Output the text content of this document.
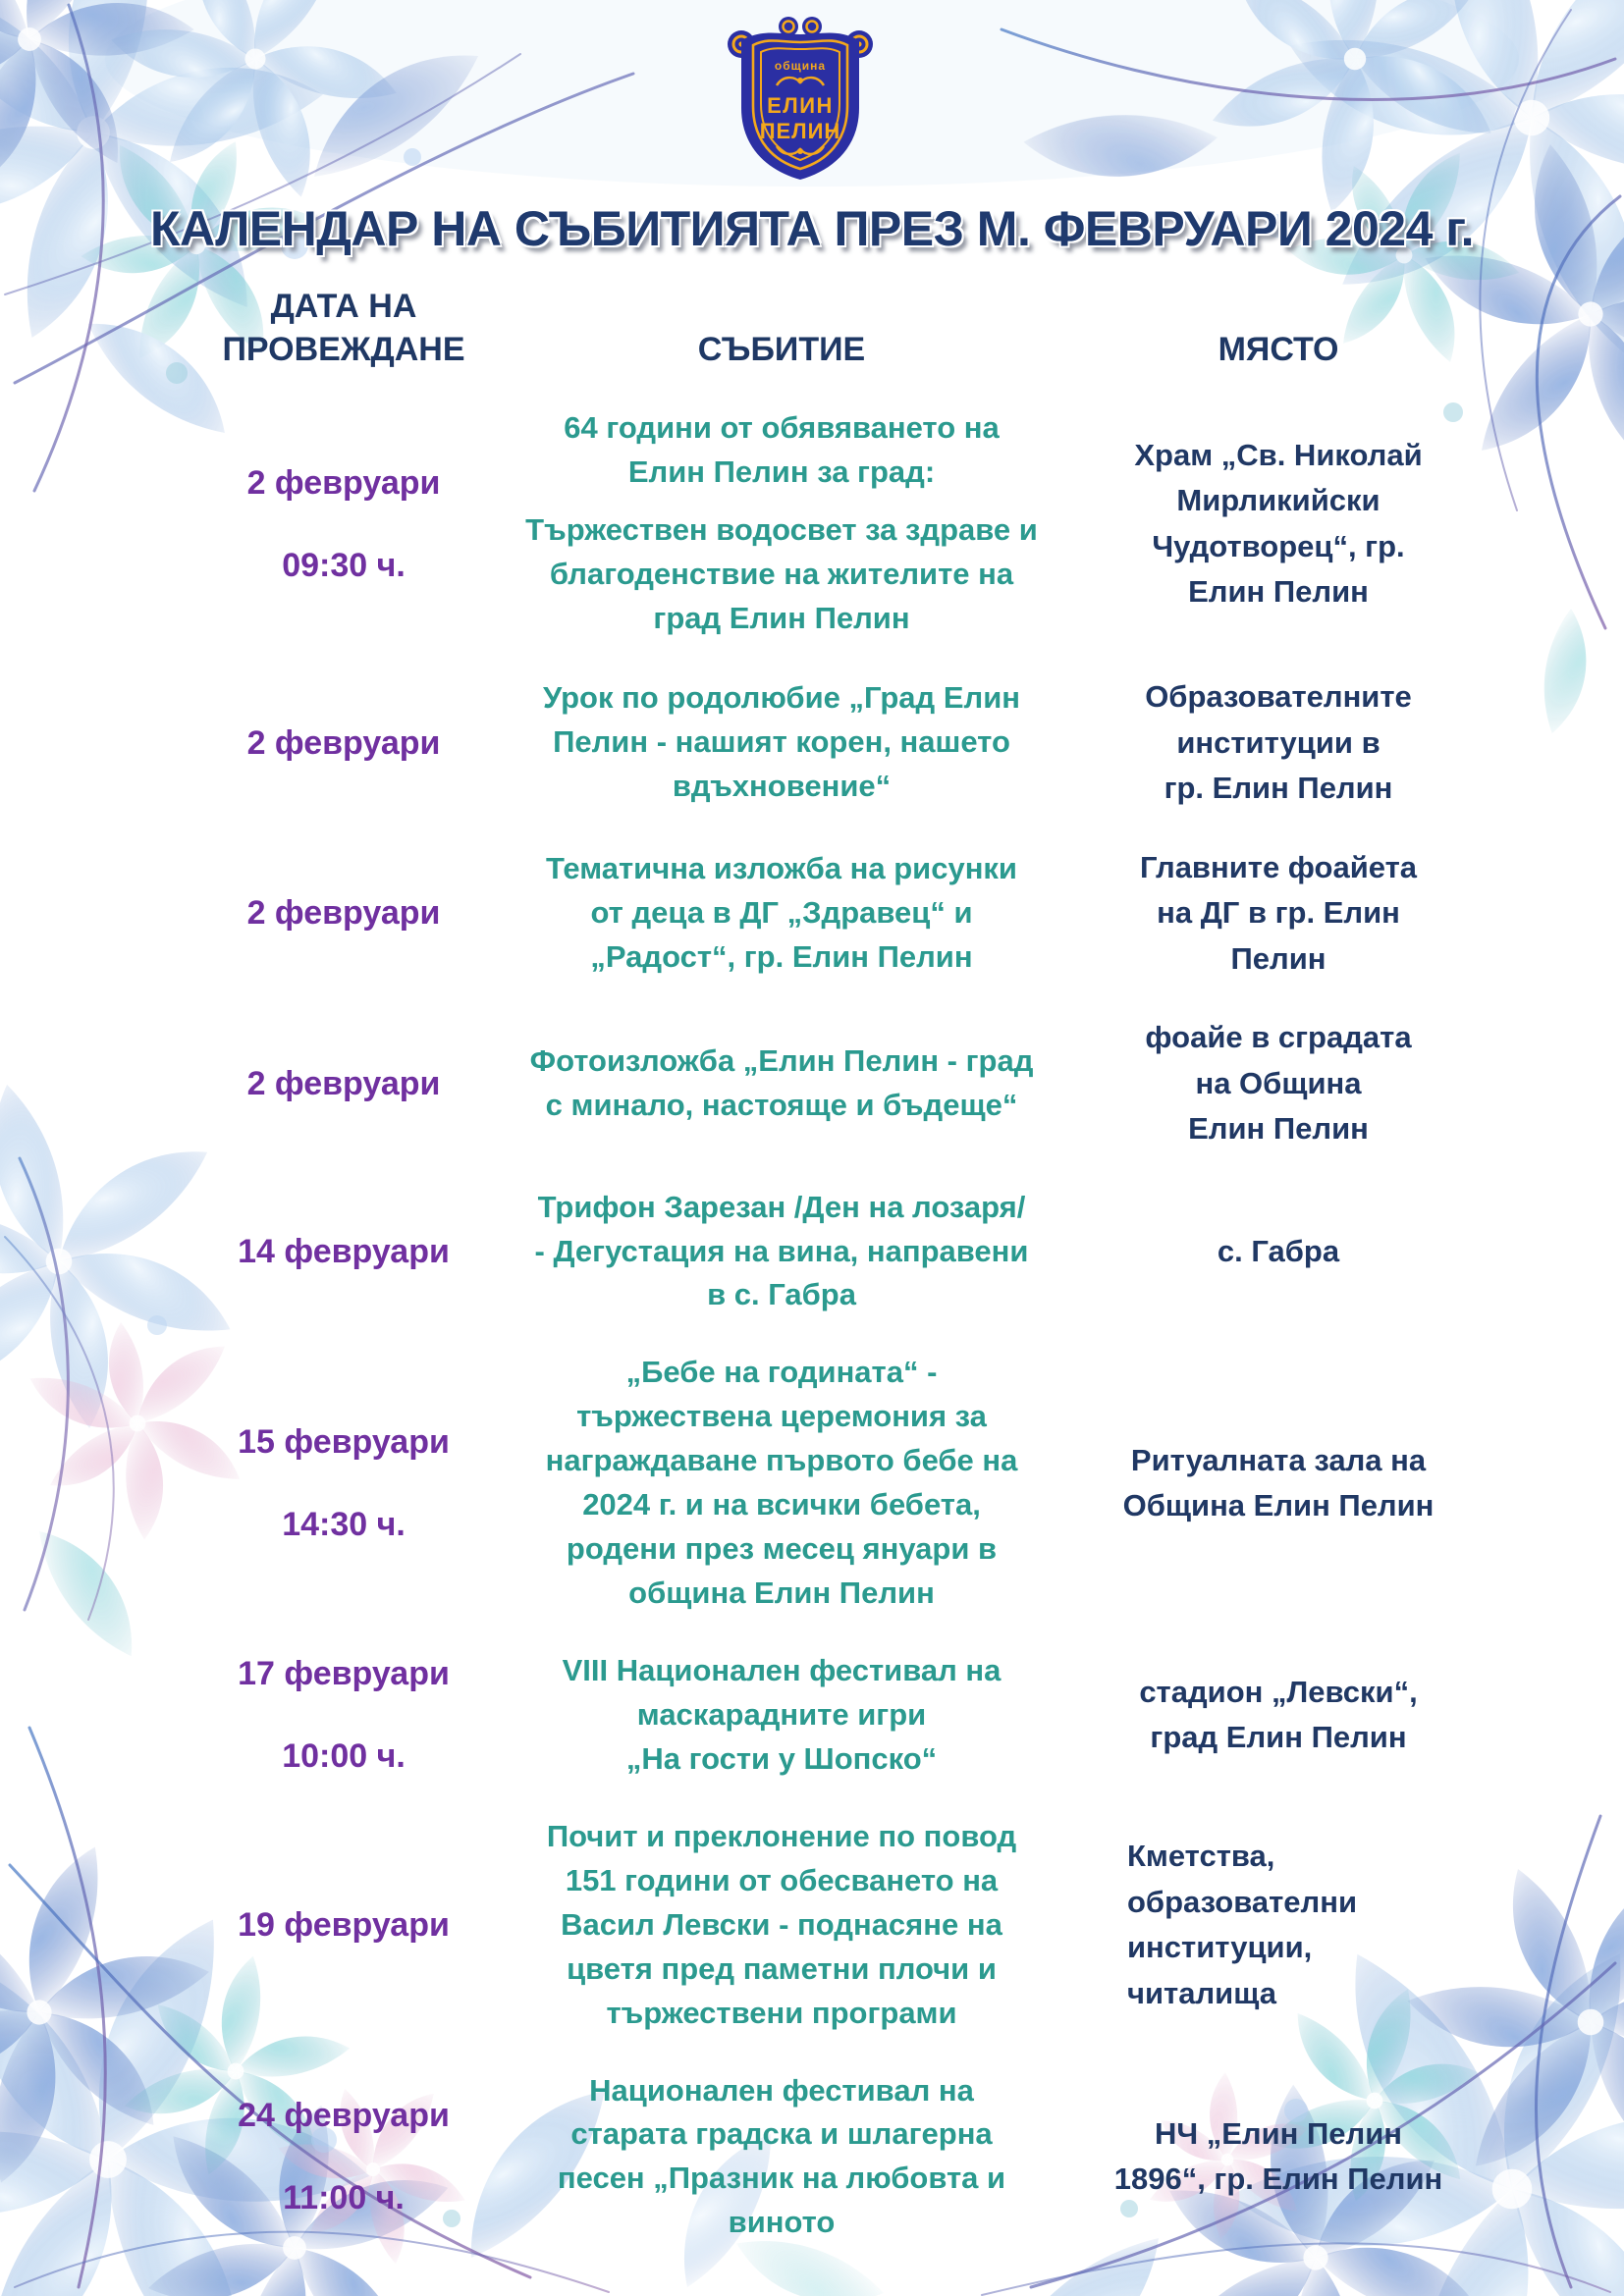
община
ЕЛИН
ПЕЛИН
КАЛЕНДАР НА СЪБИТИЯТА ПРЕЗ М. ФЕВРУАРИ 2024 г.
ДАТА НА ПРОВЕЖДАНЕ	СЪБИТИЕ	МЯСТО
2 февруари
09:30 ч.
64 години от обявяването на
Елин Пелин за град:

Тържествен водосвет за здраве и
благоденствие на жителите на
град Елин Пелин
Храм „Св. Николай
Мирликийски
Чудотворец“, гр.
Елин Пелин
2 февруари
Урок по родолюбие „Град Елин
Пелин - нашият корен, нашето
вдъхновение“
Образователните
институции в
гр. Елин Пелин
2 февруари
Тематична изложба на рисунки
от деца в ДГ „Здравец“ и
„Радост“, гр. Елин Пелин
Главните фоайета
на ДГ в гр. Елин
Пелин
2 февруари
Фотоизложба „Елин Пелин - град
с минало, настояще и бъдеще“
фоайе в сградата
на Община
Елин Пелин
14 февруари
Трифон Зарезан /Ден на лозаря/
- Дегустация на вина, направени
в с. Габра
с. Габра
15 февруари
14:30 ч.
„Бебе на годината“ -
тържествена церемония за
награждаване първото бебе на
2024 г. и на всички бебета,
родени през месец януари в
община Елин Пелин
Ритуалната зала на
Община Елин Пелин
17 февруари
10:00 ч.
VIII Национален фестивал на
маскарадните игри
„На гости у Шопско“
стадион „Левски“,
град Елин Пелин
19 февруари
Почит и преклонение по повод
151 години от обесването на
Васил Левски - поднасяне на
цветя пред паметни плочи и
тържествени програми
Кметства,
образователни
институции,
читалища
24 февруари
11:00 ч.
Национален фестивал на
старата градска и шлагерна
песен „Празник на любовта и
виното
НЧ „Елин Пелин
1896“, гр. Елин Пелин
